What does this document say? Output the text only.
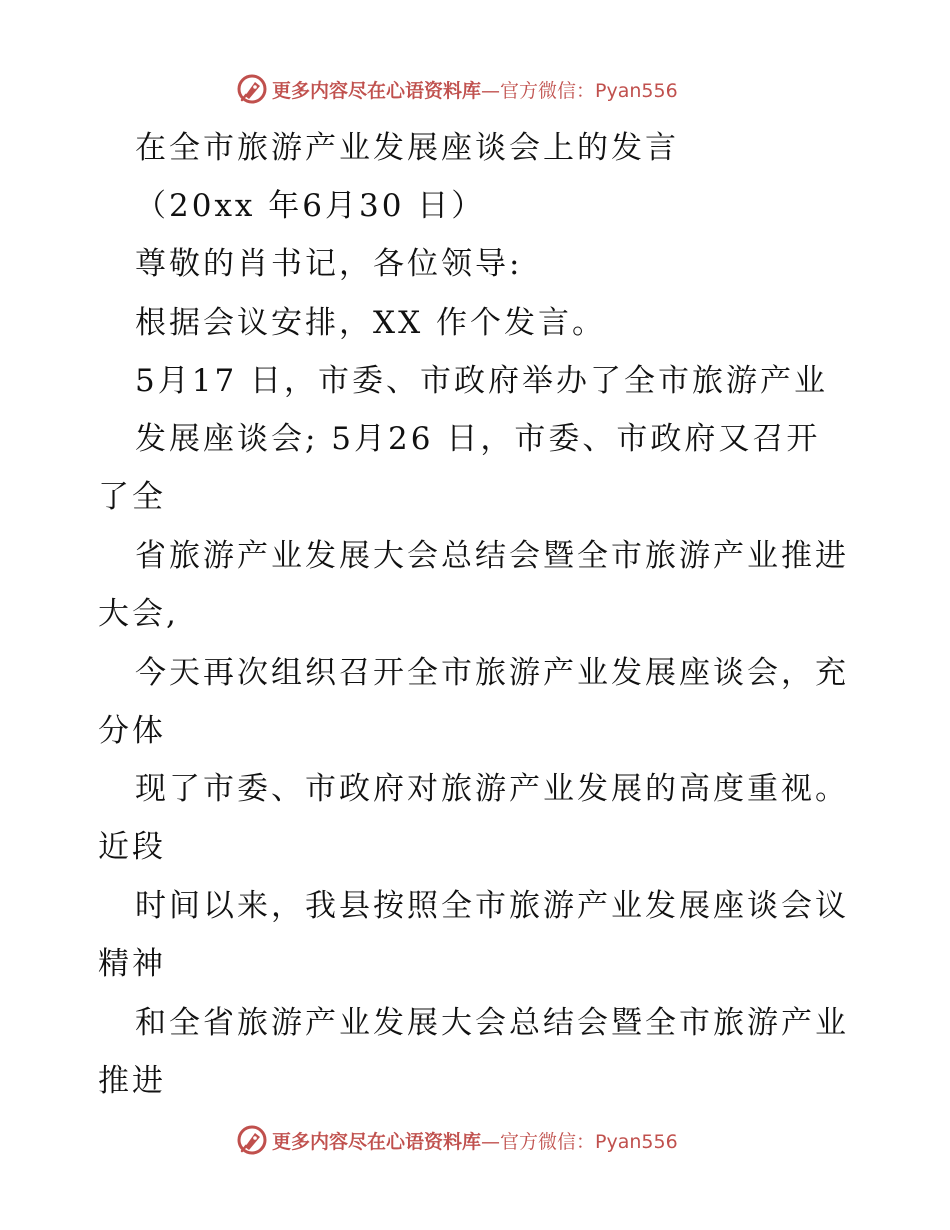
更多内容尽在心语资料库—官方微信：Pyan556
在全市旅游产业发展座谈会上的发言
（20xx 年6月30 日）
尊敬的肖书记，各位领导:
根据会议安排，XX 作个发言。
5月17 日，市委、市政府举办了全市旅游产业
发展座谈会; 5月26 日，市委、市政府又召开
了全
省旅游产业发展大会总结会暨全市旅游产业推进
大会,
今天再次组织召开全市旅游产业发展座谈会，充
分体
现了市委、市政府对旅游产业发展的高度重视。
近段
时间以来，我县按照全市旅游产业发展座谈会议
精神
和全省旅游产业发展大会总结会暨全市旅游产业
推进
更多内容尽在心语资料库—官方微信：Pyan556
